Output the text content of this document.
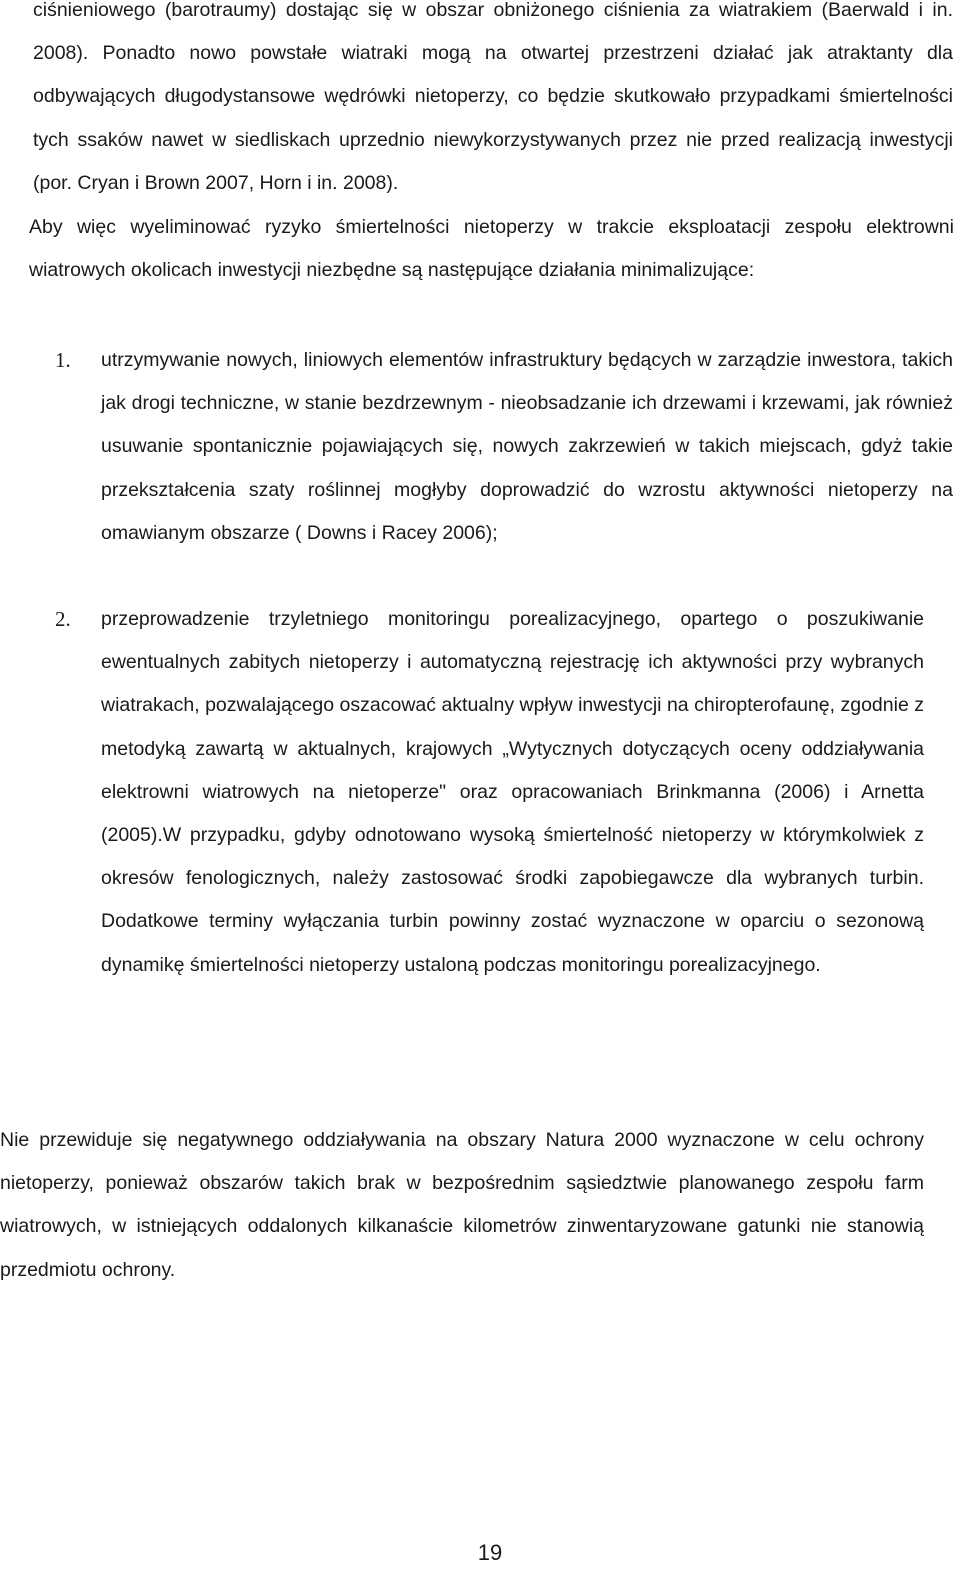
ciśnieniowego (barotraumy) dostając się w obszar obniżonego ciśnienia za wiatrakiem (Baerwald i in. 2008). Ponadto nowo powstałe wiatraki mogą na otwartej przestrzeni działać jak atraktanty dla odbywających długodystansowe wędrówki nietoperzy, co będzie skutkowało przypadkami śmiertelności tych ssaków nawet w siedliskach uprzednio niewykorzystywanych przez nie przed realizacją inwestycji (por. Cryan i Brown 2007, Horn i in. 2008).

Aby więc wyeliminować ryzyko śmiertelności nietoperzy w trakcie eksploatacji zespołu elektrowni wiatrowych okolicach inwestycji niezbędne są następujące działania minimalizujące:

1. utrzymywanie nowych, liniowych elementów infrastruktury będących w zarządzie inwestora, takich jak drogi techniczne, w stanie bezdrzewnym - nieobsadzanie ich drzewami i krzewami, jak również usuwanie spontanicznie pojawiających się, nowych zakrzewień w takich miejscach, gdyż takie przekształcenia szaty roślinnej mogłyby doprowadzić do wzrostu aktywności nietoperzy na omawianym obszarze ( Downs i Racey 2006);

2. przeprowadzenie trzyletniego monitoringu porealizacyjnego, opartego o poszukiwanie ewentualnych zabitych nietoperzy i automatyczną rejestrację ich aktywności przy wybranych wiatrakach, pozwalającego oszacować aktualny wpływ inwestycji na chiropterofaunę, zgodnie z metodyką zawartą w aktualnych, krajowych „Wytycznych dotyczących oceny oddziaływania elektrowni wiatrowych na nietoperze" oraz opracowaniach Brinkmanna (2006) i Arnetta (2005).W przypadku, gdyby odnotowano wysoką śmiertelność nietoperzy w którymkolwiek z okresów fenologicznych, należy zastosować środki zapobiegawcze dla wybranych turbin. Dodatkowe terminy wyłączania turbin powinny zostać wyznaczone w oparciu o sezonową dynamikę śmiertelności nietoperzy ustaloną podczas monitoringu porealizacyjnego.

Nie przewiduje się negatywnego oddziaływania na obszary Natura 2000 wyznaczone w celu ochrony nietoperzy, ponieważ obszarów takich brak w bezpośrednim sąsiedztwie planowanego zespołu farm wiatrowych, w istniejących oddalonych kilkanaście kilometrów zinwentaryzowane gatunki nie stanowią przedmiotu ochrony.

19
